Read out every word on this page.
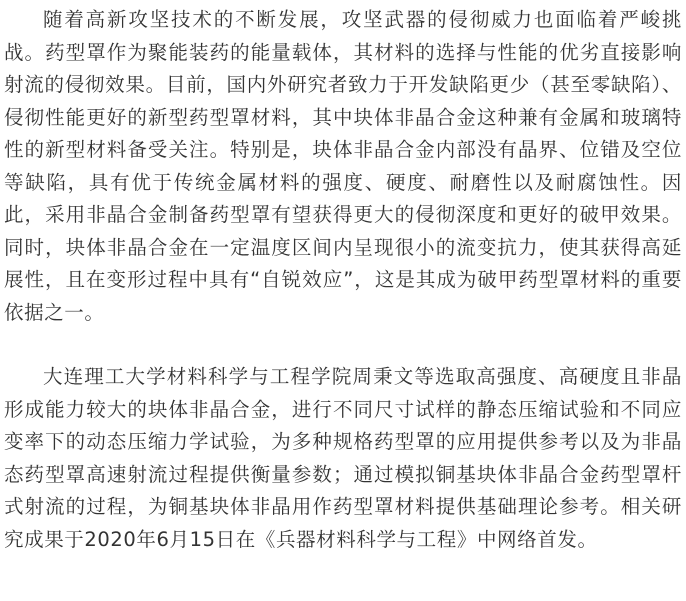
随着高新攻坚技术的不断发展，攻坚武器的侵彻威力也面临着严峻挑战。药型罩作为聚能装药的能量载体，其材料的选择与性能的优劣直接影响射流的侵彻效果。目前，国内外研究者致力于开发缺陷更少（甚至零缺陷）、侵彻性能更好的新型药型罩材料，其中块体非晶合金这种兼有金属和玻璃特性的新型材料备受关注。特别是，块体非晶合金内部没有晶界、位错及空位等缺陷，具有优于传统金属材料的强度、硬度、耐磨性以及耐腐蚀性。因此，采用非晶合金制备药型罩有望获得更大的侵彻深度和更好的破甲效果。同时，块体非晶合金在一定温度区间内呈现很小的流变抗力，使其获得高延展性，且在变形过程中具有“自锐效应”，这是其成为破甲药型罩材料的重要依据之一。

大连理工大学材料科学与工程学院周秉文等选取高强度、高硬度且非晶形成能力较大的块体非晶合金，进行不同尺寸试样的静态压缩试验和不同应变率下的动态压缩力学试验，为多种规格药型罩的应用提供参考以及为非晶态药型罩高速射流过程提供衡量参数；通过模拟铜基块体非晶合金药型罩杆式射流的过程，为铜基块体非晶用作药型罩材料提供基础理论参考。相关研究成果于2020年6月15日在《兵器材料科学与工程》中网络首发。
